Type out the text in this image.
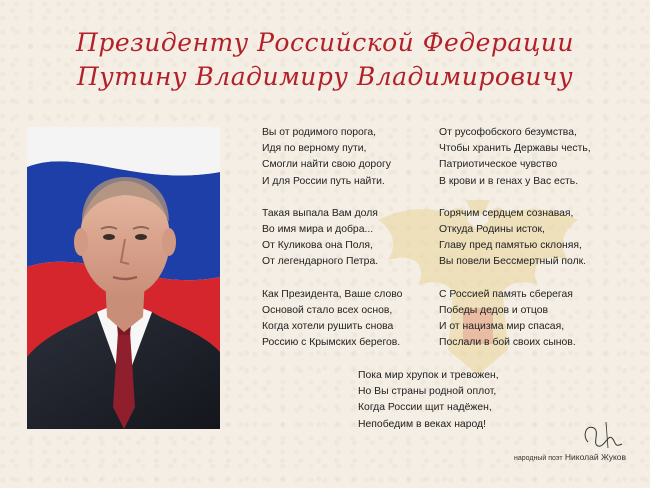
Президенту Российской Федерации
Путину Владимиру Владимировичу
Вы от родимого порога,
Идя по верному пути,
Смогли найти свою дорогу
И для России путь найти.
Такая выпала Вам доля
Во имя мира и добра...
От Куликова она Поля,
От легендарного Петра.
Как Президента, Ваше слово
Основой стало всех основ,
Когда хотели рушить снова
Россию с Крымских берегов.
От русофобского безумства,
Чтобы хранить Державы честь,
Патриотическое чувство
В крови и в генах у Вас есть.
Горячим сердцем сознавая,
Откуда Родины исток,
Главу пред памятью склоняя,
Вы повели Бессмертный полк.
С Россией память сберегая
Победы дедов и отцов
И от нацизма мир спасая,
Послали в бой своих сынов.
Пока мир хрупок и тревожен,
Но Вы страны родной оплот,
Когда России щит надёжен,
Непобедим в веках народ!
народный поэт Николай Жуков
